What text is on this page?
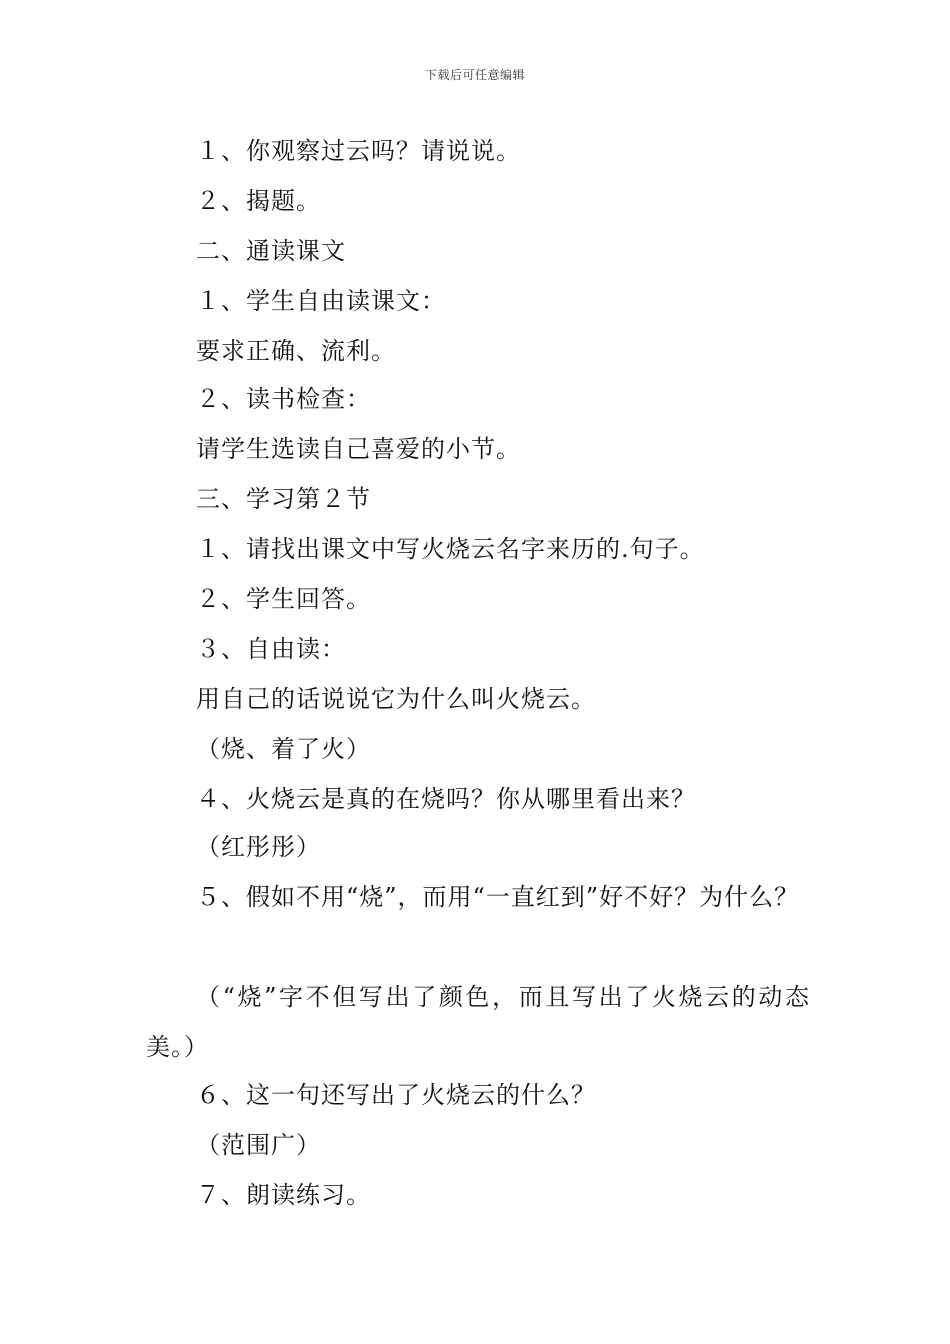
下载后可任意编辑
１、你观察过云吗？请说说。
２、揭题。
二、通读课文
１、学生自由读课文：
要求正确、流利。
２、读书检查：
请学生选读自己喜爱的小节。
三、学习第２节
１、请找出课文中写火烧云名字来历的.句子。
２、学生回答。
３、自由读：
用自己的话说说它为什么叫火烧云。
（烧、着了火）
４、火烧云是真的在烧吗？你从哪里看出来？
（红彤彤）
５、假如不用“烧”，而用“一直红到”好不好？为什么？
（“烧”字不但写出了颜色，而且写出了火烧云的动态美。）
６、这一句还写出了火烧云的什么？
（范围广）
７、朗读练习。
